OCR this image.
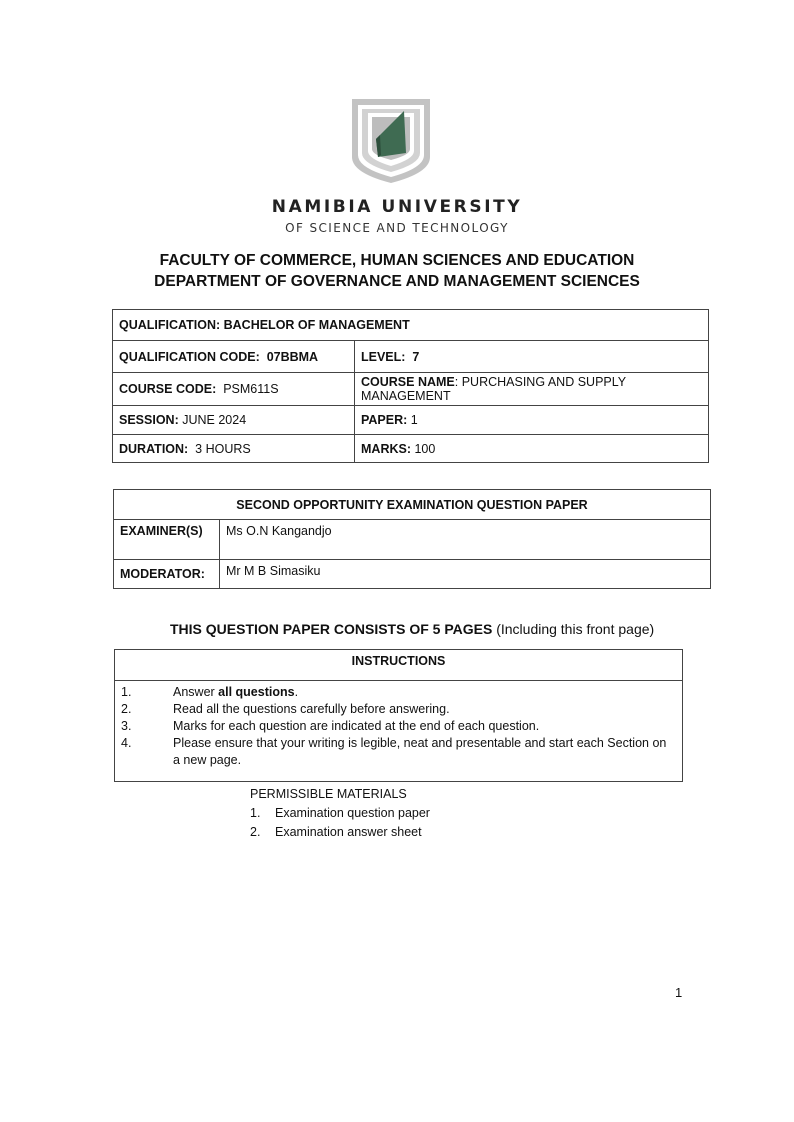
NAMIBIA UNIVERSITY
OF SCIENCE AND TECHNOLOGY
FACULTY OF COMMERCE, HUMAN SCIENCES AND EDUCATION
DEPARTMENT OF GOVERNANCE AND MANAGEMENT SCIENCES
QUALIFICATION: BACHELOR OF MANAGEMENT	
QUALIFICATION CODE: 07BBMA	LEVEL: 7
COURSE CODE: PSM611S	COURSE NAME: PURCHASING AND SUPPLY MANAGEMENT
SESSION: JUNE 2024	PAPER: 1
DURATION: 3 HOURS	MARKS: 100
SECOND OPPORTUNITY EXAMINATION QUESTION PAPER	
EXAMINER(S)	Ms O.N Kangandjo
MODERATOR:	Mr M B Simasiku
THIS QUESTION PAPER CONSISTS OF 5 PAGES (Including this front page)
INSTRUCTIONS
1.	Answer all questions.
2.	Read all the questions carefully before answering.
3.	Marks for each question are indicated at the end of each question.
4.	Please ensure that your writing is legible, neat and presentable and start each Section on a new page.
PERMISSIBLE MATERIALS
1.	Examination question paper
2.	Examination answer sheet
1
